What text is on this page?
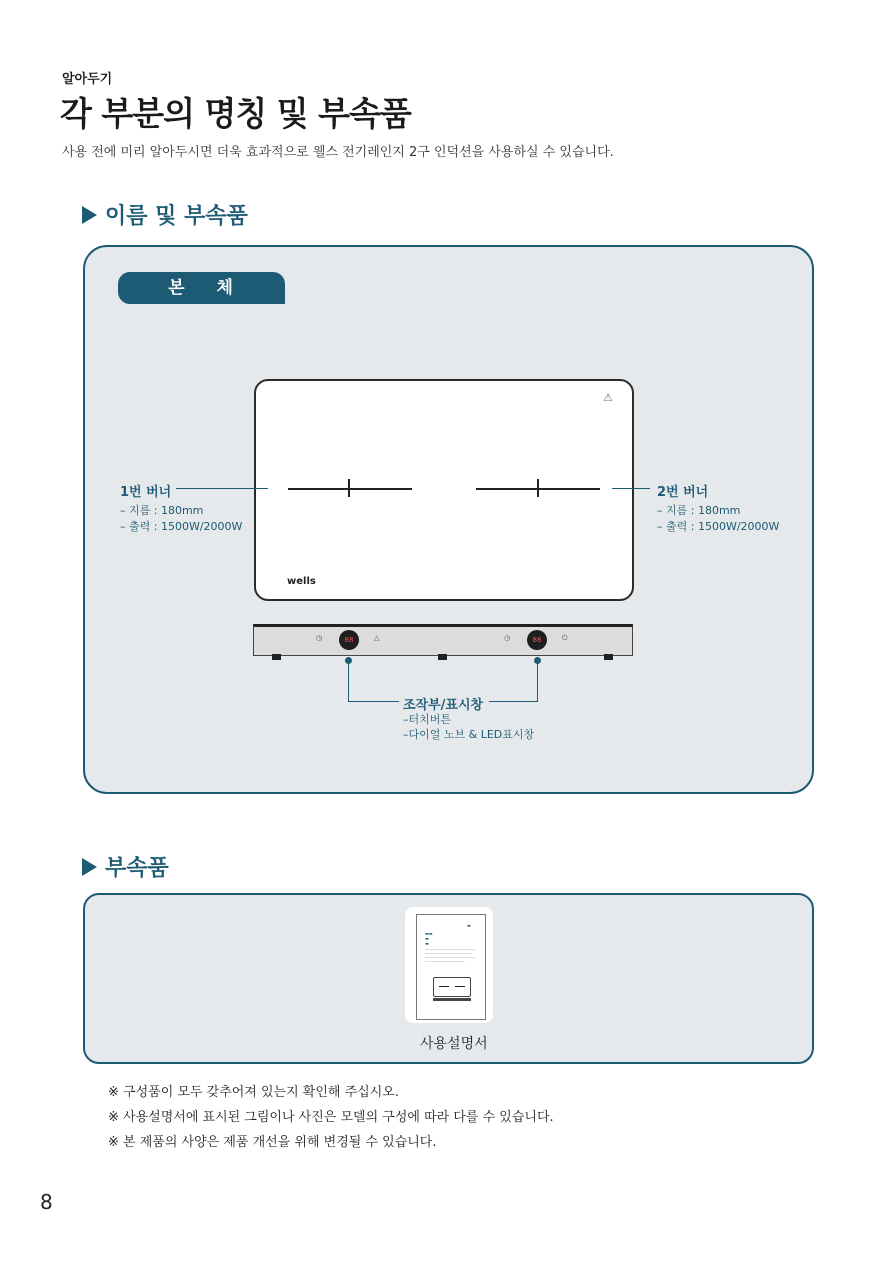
알아두기
각 부분의 명칭 및 부속품
사용 전에 미리 알아두시면 더욱 효과적으로 웰스 전기레인지 2구 인덕션을 사용하실 수 있습니다.
이름 및 부속품
본 체
⚠
wells
1번 버너
– 지름 : 180mm
– 출력 : 1500W/2000W
2번 버너
– 지름 : 180mm
– 출력 : 1500W/2000W
◷	88	△	◷	88	⏻
조작부/표시창
–터치버튼
–다이얼 노브 & LED표시창
부속품
▬
▬▬
▬
▬
사용설명서
※ 구성품이 모두 갖추어져 있는지 확인해 주십시오.
※ 사용설명서에 표시된 그림이나 사진은 모델의 구성에 따라 다를 수 있습니다.
※ 본 제품의 사양은 제품 개선을 위해 변경될 수 있습니다.
8
